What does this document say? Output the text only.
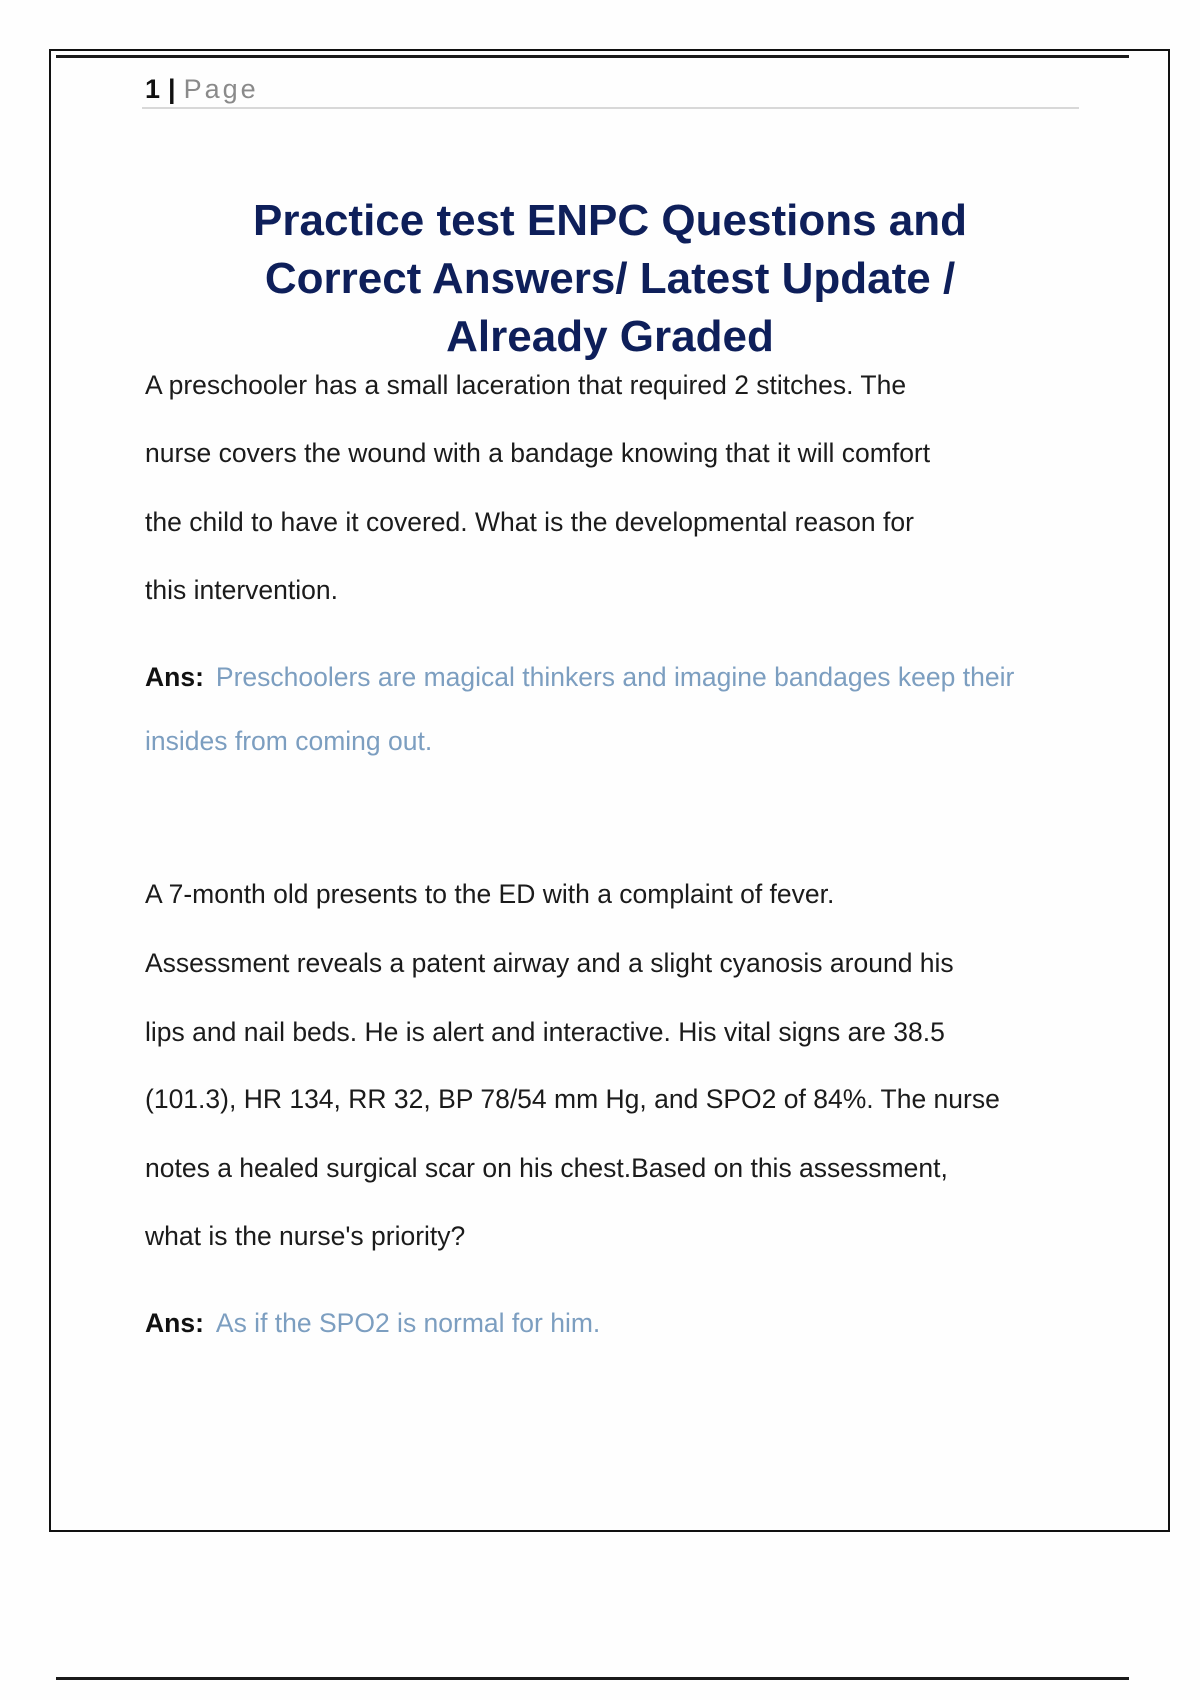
1 | Page
Practice test ENPC Questions and
Correct Answers/ Latest Update /
Already Graded
A preschooler has a small laceration that required 2 stitches. The
nurse covers the wound with a bandage knowing that it will comfort
the child to have it covered. What is the developmental reason for
this intervention.
Ans: Preschoolers are magical thinkers and imagine bandages keep their
insides from coming out.
A 7-month old presents to the ED with a complaint of fever.
Assessment reveals a patent airway and a slight cyanosis around his
lips and nail beds. He is alert and interactive. His vital signs are 38.5
(101.3), HR 134, RR 32, BP 78/54 mm Hg, and SPO2 of 84%. The nurse
notes a healed surgical scar on his chest.Based on this assessment,
what is the nurse's priority?
Ans: As if the SPO2 is normal for him.
